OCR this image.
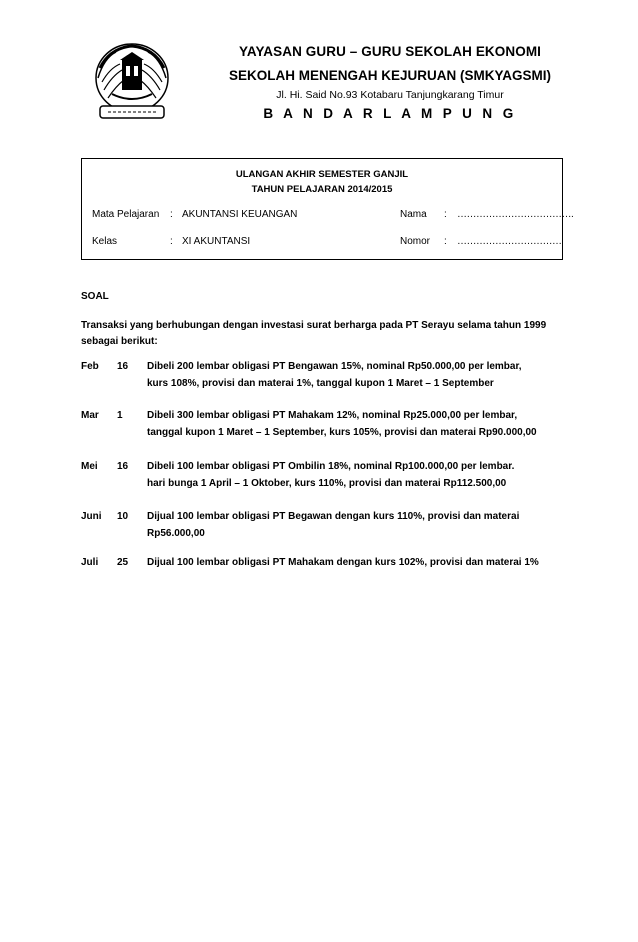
YAYASAN GURU – GURU SEKOLAH EKONOMI
SEKOLAH MENENGAH KEJURUAN (SMKYAGSMI)
Jl. Hi. Said No.93 Kotabaru Tanjungkarang Timur
B A N D A R L A M P U N G
ULANGAN AKHIR SEMESTER GANJIL
TAHUN PELAJARAN 2014/2015
Mata Pelajaran : AKUNTANSI KEUANGAN	Nama : ……………………………….
Kelas	: XI AKUNTANSI	Nomor : ……………………………
SOAL
Transaksi yang berhubungan dengan investasi surat berharga pada PT Serayu selama tahun 1999 sebagai berikut:
Feb 16 Dibeli 200 lembar obligasi PT Bengawan 15%, nominal Rp50.000,00 per lembar,
kurs 108%, provisi dan materai 1%, tanggal kupon 1 Maret – 1 September
Mar 1 Dibeli 300 lembar obligasi PT Mahakam 12%, nominal Rp25.000,00 per lembar,
tanggal kupon 1 Maret – 1 September, kurs 105%, provisi dan materai Rp90.000,00
Mei 16 Dibeli 100 lembar obligasi PT Ombilin 18%, nominal Rp100.000,00 per lembar.
hari bunga 1 April – 1 Oktober, kurs 110%, provisi dan materai Rp112.500,00
Juni 10 Dijual 100 lembar obligasi PT Begawan dengan kurs 110%, provisi dan materai
Rp56.000,00
Juli 25 Dijual 100 lembar obligasi PT Mahakam dengan kurs 102%, provisi dan materai 1%
